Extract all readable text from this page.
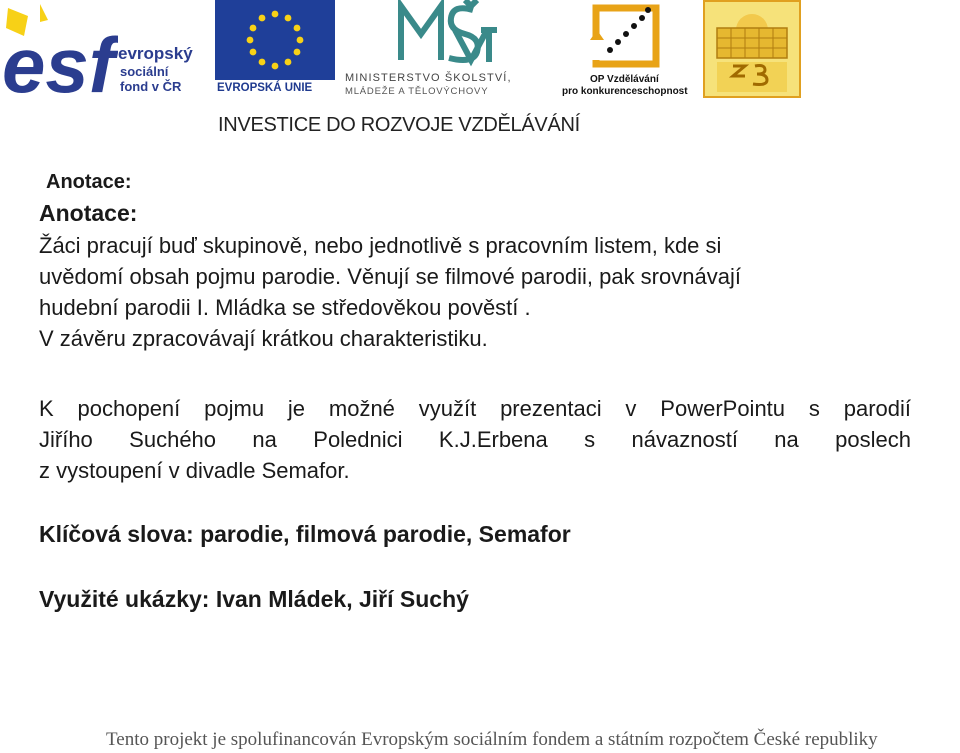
esf evropský
sociální
fond v ČR	EVROPSKÁ UNIE
MINISTERSTVO ŠKOLSTVÍ,
MLÁDEŽE A TĚLOVÝCHOVY
OP Vzdělávání
pro konkurenceschopnost
INVESTICE DO ROZVOJE VZDĚLÁVÁNÍ
Anotace:
Anotace:
Žáci pracují buď skupinově, nebo jednotlivě s pracovním listem, kde si
uvědomí obsah pojmu parodie. Věnují se filmové parodii, pak srovnávají
hudební parodii I. Mládka se středověkou pověstí .
V závěru zpracovávají krátkou charakteristiku.
K pochopení pojmu je možné využít prezentaci v PowerPointu s parodií
Jiřího Suchého na Polednici K.J.Erbena s návazností na poslech
z vystoupení v divadle Semafor.
Klíčová slova: parodie, filmová parodie, Semafor
Využité ukázky: Ivan Mládek, Jiří Suchý
Tento projekt je spolufinancován Evropským sociálním fondem a státním rozpočtem České republiky
